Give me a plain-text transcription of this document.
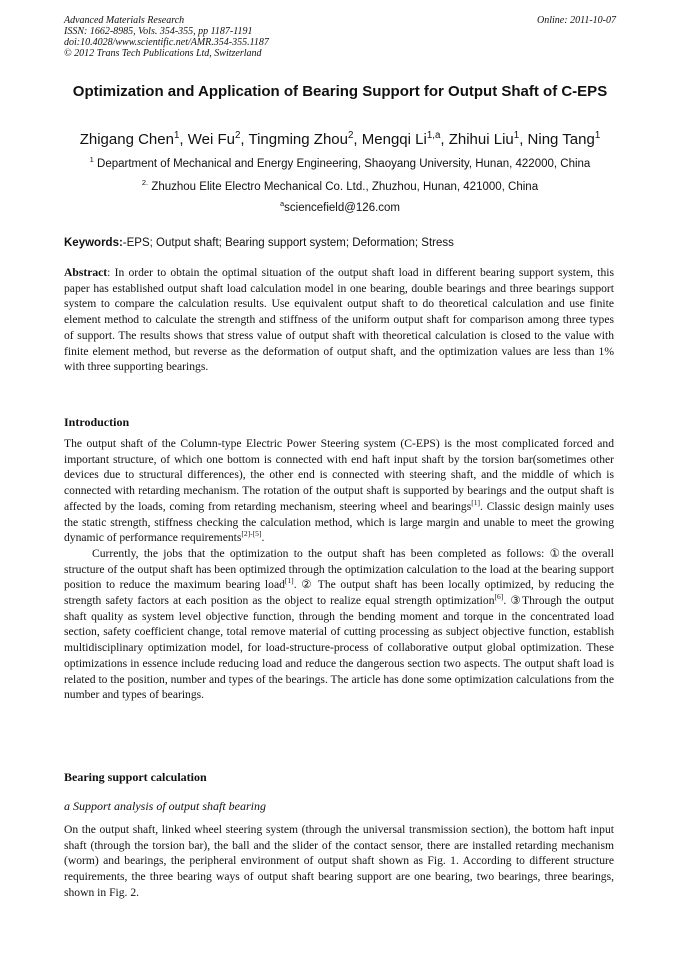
Advanced Materials Research
ISSN: 1662-8985, Vols. 354-355, pp 1187-1191
doi:10.4028/www.scientific.net/AMR.354-355.1187
© 2012 Trans Tech Publications Ltd, Switzerland
Online: 2011-10-07
Optimization and Application of Bearing Support for Output Shaft of C-EPS
Zhigang Chen$^1$, Wei Fu$^2$, Tingming Zhou$^2$, Mengqi Li$^{1,a}$, Zhihui Liu$^1$, Ning Tang$^1$
$^1$ Department of Mechanical and Energy Engineering, Shaoyang University, Hunan, 422000, China
$^{2.}$ Zhuzhou Elite Electro Mechanical Co. Ltd., Zhuzhou, Hunan, 421000, China
$^a$sciencefield@126.com
Keywords:-EPS; Output shaft; Bearing support system; Deformation; Stress

Abstract: In order to obtain the optimal situation of the output shaft load in different bearing support system, this paper has established output shaft load calculation model in one bearing, double bearings and three bearings support system to compare the calculation results. Use equivalent output shaft to do theoretical calculation and use finite element method to calculate the strength and stiffness of the uniform output shaft for comparison among three types of support. The results shows that stress value of output shaft with theoretical calculation is closed to the value with finite element method, but reverse as the deformation of output shaft, and the optimization values are less than 1% with three supporting bearings.

Introduction

The output shaft of the Column-type Electric Power Steering system (C-EPS) is the most complicated forced and important structure, of which one bottom is connected with end haft input shaft by the torsion bar(sometimes other devices due to structural differences), the other end is connected with steering shaft, and the middle of which is connected with retarding mechanism. The rotation of the output shaft is supported by bearings and the output shaft is affected by the loads, coming from retarding mechanism, steering wheel and bearings[1]. Classic design mainly uses the static strength, stiffness checking the calculation method, which is large margin and unable to meet the growing dynamic of performance requirements[2]-[5].

Currently, the jobs that the optimization to the output shaft has been completed as follows: ①the overall structure of the output shaft has been optimized through the optimization calculation to the load at the bearing support position to reduce the maximum bearing load[1]. ② The output shaft has been locally optimized, by reducing the strength safety factors at each position as the object to realize equal strength optimization[6]. ③Through the output shaft quality as system level objective function, through the bending moment and torque in the concentrated load section, safety coefficient change, total remove material of cutting processing as subject objective function, establish multidisciplinary optimization model, for load-structure-process of collaborative output global optimization. These optimizations in essence include reducing load and reduce the dangerous section two aspects. The output shaft load is related to the position, number and types of the bearings. The article has done some optimization calculations from the number and types of bearings.

Bearing support calculation
a Support analysis of output shaft bearing

On the output shaft, linked wheel steering system (through the universal transmission section), the bottom haft input shaft (through the torsion bar), the ball and the slider of the contact sensor, there are installed retarding mechanism (worm) and bearings, the peripheral environment of output shaft shown as Fig. 1. According to different structure requirements, the three bearing ways of output shaft bearing support are one bearing, two bearings, three bearings, shown in Fig. 2.
